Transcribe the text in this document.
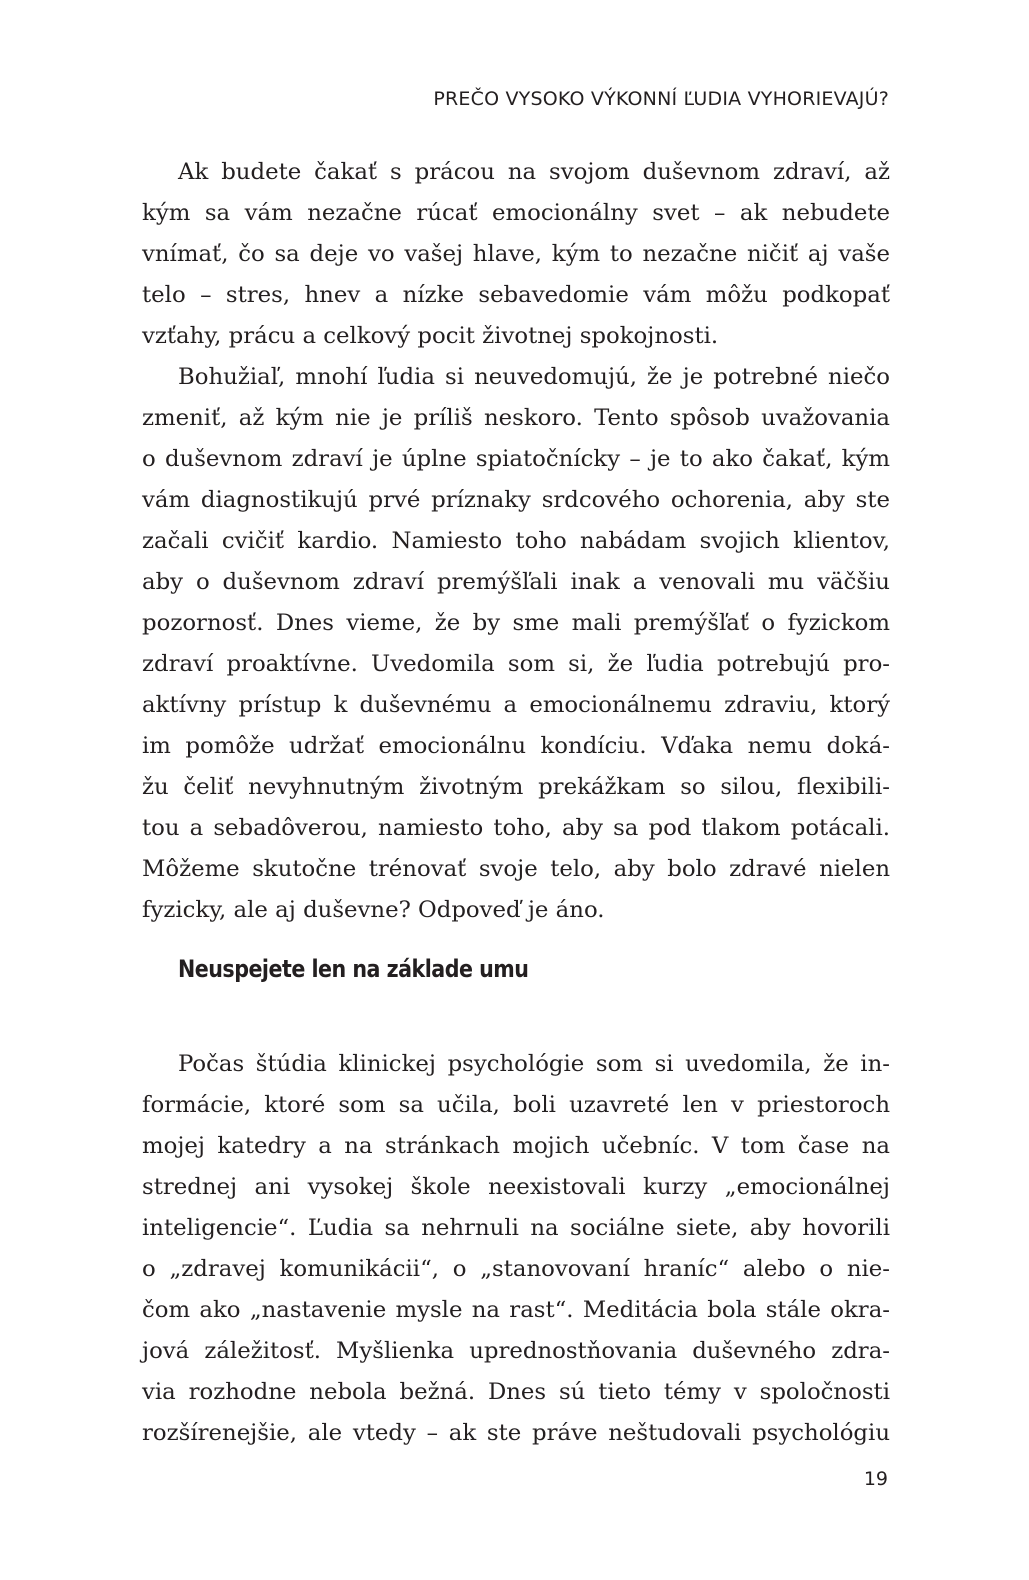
PREČO VYSOKO VÝKONNÍ ĽUDIA VYHORIEVAJÚ?

Ak budete čakať s prácou na svojom duševnom zdraví, až
kým sa vám nezačne rúcať emocionálny svet – ak nebudete
vnímať, čo sa deje vo vašej hlave, kým to nezačne ničiť aj vaše
telo – stres, hnev a nízke sebavedomie vám môžu podkopať
vzťahy, prácu a celkový pocit životnej spokojnosti.

Bohužiaľ, mnohí ľudia si neuvedomujú, že je potrebné niečo
zmeniť, až kým nie je príliš neskoro. Tento spôsob uvažovania
o duševnom zdraví je úplne spiatočnícky – je to ako čakať, kým
vám diagnostikujú prvé príznaky srdcového ochorenia, aby ste
začali cvičiť kardio. Namiesto toho nabádam svojich klientov,
aby o duševnom zdraví premýšľali inak a venovali mu väčšiu
pozornosť. Dnes vieme, že by sme mali premýšľať o fyzickom
zdraví proaktívne. Uvedomila som si, že ľudia potrebujú pro-
aktívny prístup k duševnému a emocionálnemu zdraviu, ktorý
im pomôže udržať emocionálnu kondíciu. Vďaka nemu doká-
žu čeliť nevyhnutným životným prekážkam so silou, flexibili-
tou a sebadôverou, namiesto toho, aby sa pod tlakom potácali.
Môžeme skutočne trénovať svoje telo, aby bolo zdravé nielen
fyzicky, ale aj duševne? Odpoveď je áno.

Neuspejete len na základe umu

Počas štúdia klinickej psychológie som si uvedomila, že in-
formácie, ktoré som sa učila, boli uzavreté len v priestoroch
mojej katedry a na stránkach mojich učebníc. V tom čase na
strednej ani vysokej škole neexistovali kurzy „emocionálnej
inteligencie“. Ľudia sa nehrnuli na sociálne siete, aby hovorili
o „zdravej komunikácii“, o „stanovovaní hraníc“ alebo o nie-
čom ako „nastavenie mysle na rast“. Meditácia bola stále okra-
jová záležitosť. Myšlienka uprednostňovania duševného zdra-
via rozhodne nebola bežná. Dnes sú tieto témy v spoločnosti
rozšírenejšie, ale vtedy – ak ste práve neštudovali psychológiu

19
